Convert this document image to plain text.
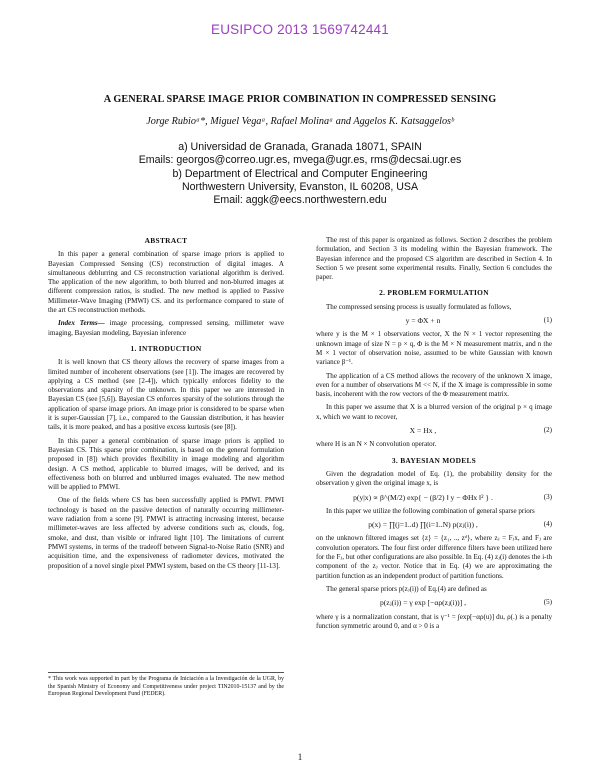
EUSIPCO 2013 1569742441
A GENERAL SPARSE IMAGE PRIOR COMBINATION IN COMPRESSED SENSING
Jorge Rubioᵃ*, Miguel Vegaᵃ, Rafael Molinaᵃ and Aggelos K. Katsaggelosᵇ
a) Universidad de Granada, Granada 18071, SPAIN
Emails: georgos@correo.ugr.es, mvega@ugr.es, rms@decsai.ugr.es
b) Department of Electrical and Computer Engineering
Northwestern University, Evanston, IL 60208, USA
Email: aggk@eecs.northwestern.edu
ABSTRACT

In this paper a general combination of sparse image priors is applied to Bayesian Compressed Sensing (CS) reconstruction of digital images. A simultaneous deblurring and CS reconstruction variational algorithm is derived. The application of the new algorithm, to both blurred and non-blurred images at different compression ratios, is studied. The new method is applied to Passive Millimeter-Wave Imaging (PMWI) CS. and its performance compared to state of the art CS reconstruction methods.

Index Terms— image processing, compressed sensing, millimeter wave imaging, Bayesian modeling, Bayesian inference

1. INTRODUCTION

It is well known that CS theory allows the recovery of sparse images from a limited number of incoherent observations (see [1]). The images are recovered by applying a CS method (see [2-4]), which typically enforces fidelity to the observations and sparsity of the unknown. In this paper we are interested in Bayesian CS (see [5,6]). Bayesian CS enforces sparsity of the solutions through the application of sparse image priors. An image prior is considered to be sparse when it is super-Gaussian [7], i.e., compared to the Gaussian distribution, it has heavier tails, it is more peaked, and has a positive excess kurtosis (see [8]).

In this paper a general combination of sparse image priors is applied to Bayesian CS. This sparse prior combination, is based on the general formulation proposed in [8]) which provides flexibility in image modeling and algorithm design. A CS method, applicable to blurred images, will be derived, and its effectiveness both on blurred and unblurred images evaluated. The new method will be applied to PMWI.

One of the fields where CS has been successfully applied is PMWI. PMWI technology is based on the passive detection of naturally occurring millimeter-wave radiation from a scene [9]. PMWI is attracting increasing interest, because millimeter-waves are less affected by adverse conditions such as, clouds, fog, smoke, and dust, than visible or infrared light [10]. The limitations of current PMWI systems, in terms of the tradeoff between Signal-to-Noise Ratio (SNR) and acquisition time, and the expensiveness of radiometer devices, motivated the proposition of a novel single pixel PMWI system, based on the CS theory [11-13].

* This work was supported in part by the Programa de Iniciación a la Investigación de la UGR, by the Spanish Ministry of Economy and Competitiveness under project TIN2010-15137 and by the European Regional Development Fund (FEDER).

The rest of this paper is organized as follows. Section 2 describes the problem formulation, and Section 3 its modeling within the Bayesian framework. The Bayesian inference and the proposed CS algorithm are described in Section 4. In Section 5 we present some experimental results. Finally, Section 6 concludes the paper.

2. PROBLEM FORMULATION

The compressed sensing process is usually formulated as follows,

y = ΦX + n	(1)

where y is the M × 1 observations vector, X the N × 1 vector representing the unknown image of size N = p × q, Φ is the M × N measurement matrix, and n the M × 1 vector of observation noise, assumed to be white Gaussian with known variance β⁻¹.

The application of a CS method allows the recovery of the unknown X image, even for a number of observations M << N, if the X image is compressible in some basis, incoherent with the row vectors of the Φ measurement matrix.

In this paper we assume that X is a blurred version of the original p × q image x, which we want to recover,

X = Hx ,	(2)

where H is an N × N convolution operator.

3. BAYESIAN MODELS

Given the degradation model of Eq. (1), the probability density for the observation y given the original image x, is

p(y|x) ∝ β^(M/2) exp{ − (β/2) ‖ y − ΦHx ‖² } .	(3)

In this paper we utilize the following combination of general sparse priors

p(x) = ∏(j=1..d) ∏(i=1..N) p(zⱼ(i)) ,	(4)

on the unknown filtered images set {z} = {z₁, .., zᵈ}, where zⱼ = Fⱼx, and Fⱼ are convolution operators. The four first order difference filters have been utilized here for the Fⱼ, but other configurations are also possible. In Eq. (4) zⱼ(i) denotes the i-th component of the zⱼ vector. Notice that in Eq. (4) we are approximating the partition function as an independent product of partition functions.

The general sparse priors p(zⱼ(i)) of Eq.(4) are defined as

p(zⱼ(i)) = γ exp [−αρ(zⱼ(i))] ,	(5)

where γ is a normalization constant, that is γ⁻¹ = ∫exp[−αρ(u)] du, ρ(.) is a penalty function symmetric around 0, and α > 0 is a

1
